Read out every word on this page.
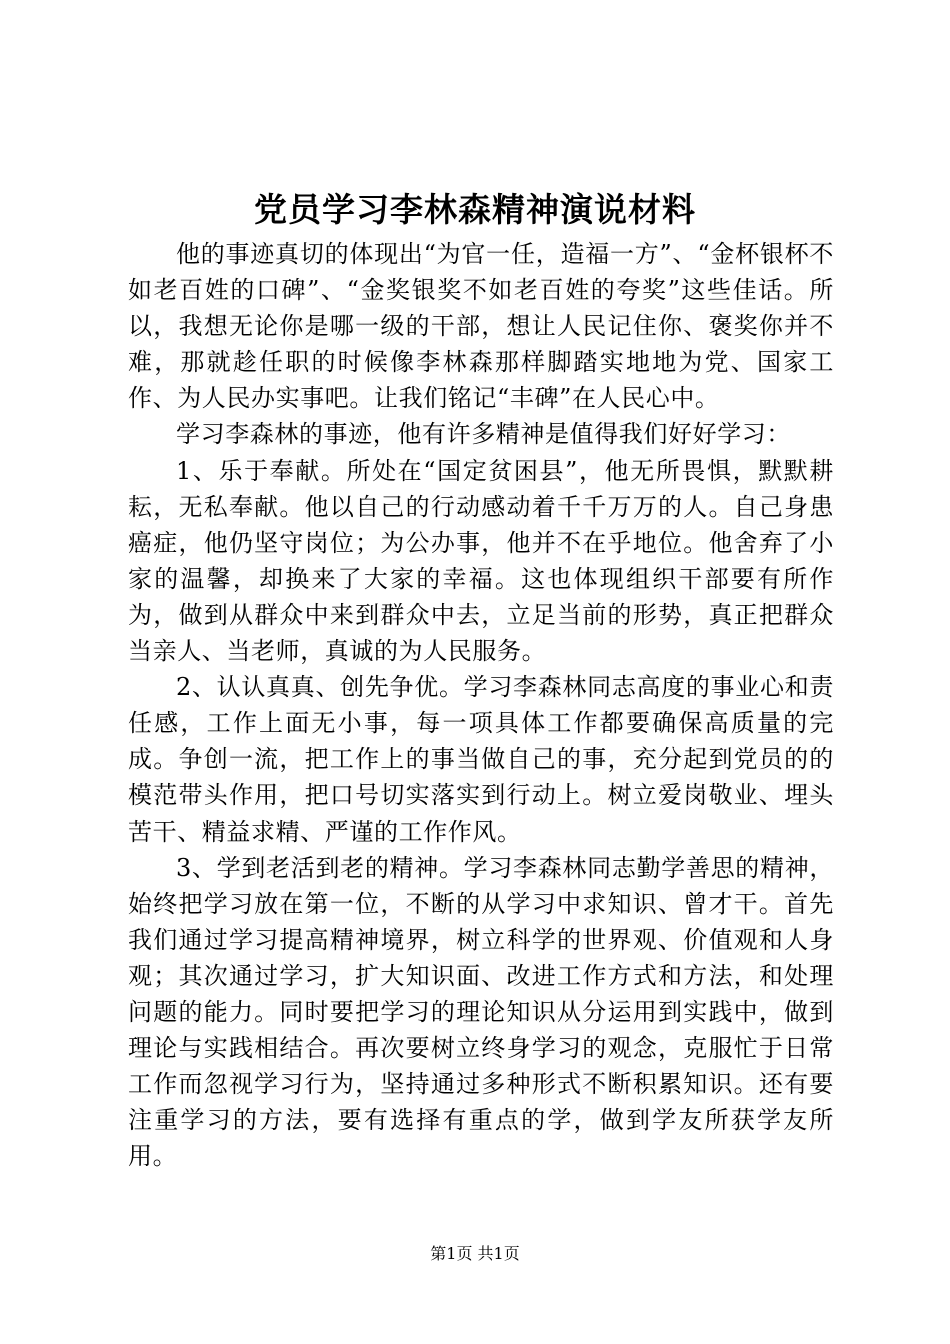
党员学习李林森精神演说材料

他的事迹真切的体现出“为官一任，造福一方”、“金杯银杯不如老百姓的口碑”、“金奖银奖不如老百姓的夸奖”这些佳话。所以，我想无论你是哪一级的干部，想让人民记住你、褒奖你并不难，那就趁任职的时候像李林森那样脚踏实地地为党、国家工作、为人民办实事吧。让我们铭记“丰碑”在人民心中。

学习李森林的事迹，他有许多精神是值得我们好好学习：

1、乐于奉献。所处在“国定贫困县”，他无所畏惧，默默耕耘，无私奉献。他以自己的行动感动着千千万万的人。自己身患癌症，他仍坚守岗位；为公办事，他并不在乎地位。他舍弃了小家的温馨，却换来了大家的幸福。这也体现组织干部要有所作为，做到从群众中来到群众中去，立足当前的形势，真正把群众当亲人、当老师，真诚的为人民服务。

2、认认真真、创先争优。学习李森林同志高度的事业心和责任感，工作上面无小事，每一项具体工作都要确保高质量的完成。争创一流，把工作上的事当做自己的事，充分起到党员的的模范带头作用，把口号切实落实到行动上。树立爱岗敬业、埋头苦干、精益求精、严谨的工作作风。

3、学到老活到老的精神。学习李森林同志勤学善思的精神，始终把学习放在第一位，不断的从学习中求知识、曾才干。首先我们通过学习提高精神境界，树立科学的世界观、价值观和人身观；其次通过学习，扩大知识面、改进工作方式和方法，和处理问题的能力。同时要把学习的理论知识从分运用到实践中，做到理论与实践相结合。再次要树立终身学习的观念，克服忙于日常工作而忽视学习行为，坚持通过多种形式不断积累知识。还有要注重学习的方法，要有选择有重点的学，做到学友所获学友所用。

第1页 共1页
